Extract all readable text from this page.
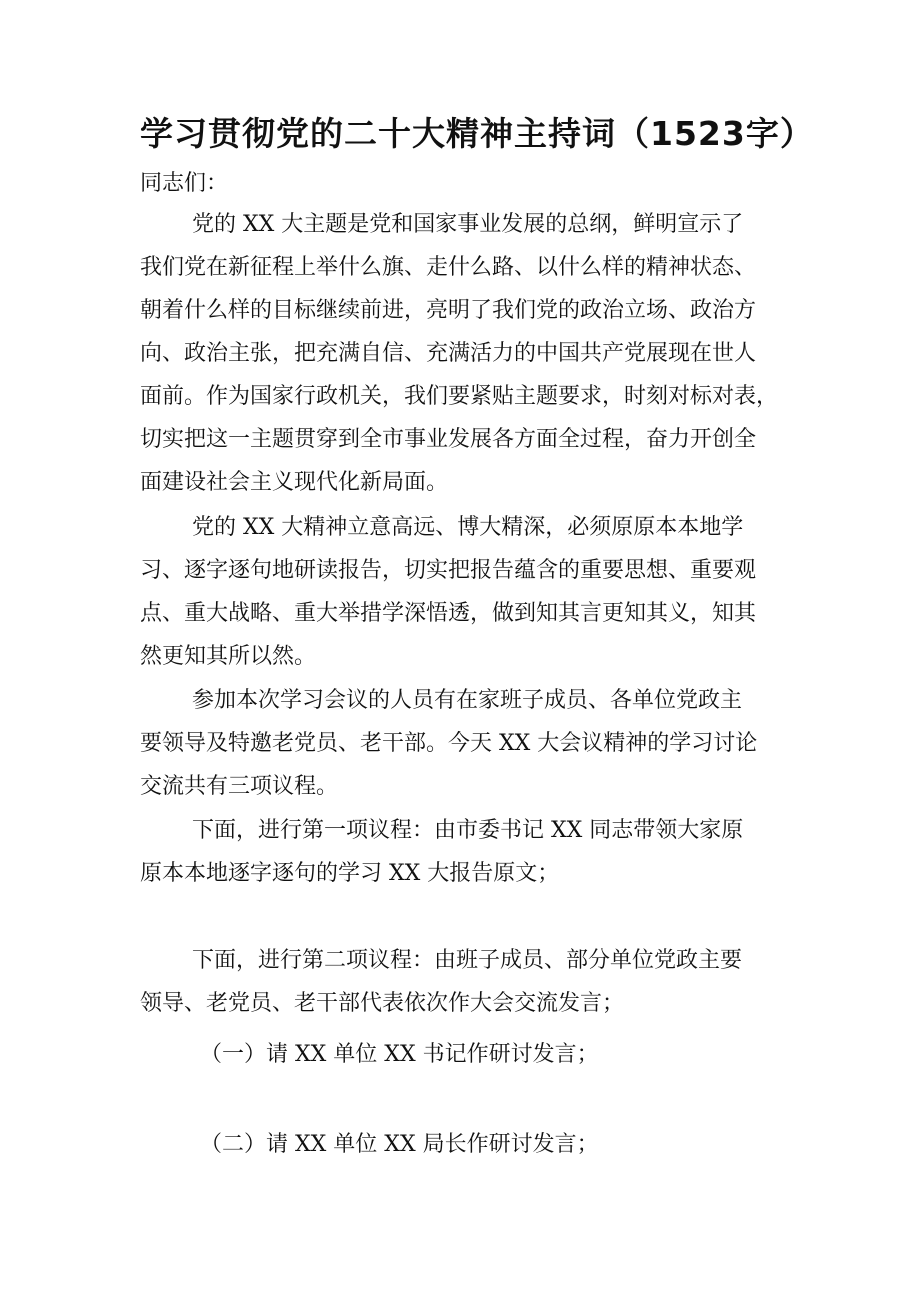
学习贯彻党的二十大精神主持词（1523字）
同志们：
党的 XX 大主题是党和国家事业发展的总纲，鲜明宣示了
我们党在新征程上举什么旗、走什么路、以什么样的精神状态、
朝着什么样的目标继续前进，亮明了我们党的政治立场、政治方
向、政治主张，把充满自信、充满活力的中国共产党展现在世人
面前。作为国家行政机关，我们要紧贴主题要求，时刻对标对表，
切实把这一主题贯穿到全市事业发展各方面全过程，奋力开创全
面建设社会主义现代化新局面。
党的 XX 大精神立意高远、博大精深，必须原原本本地学
习、逐字逐句地研读报告，切实把报告蕴含的重要思想、重要观
点、重大战略、重大举措学深悟透，做到知其言更知其义，知其
然更知其所以然。
参加本次学习会议的人员有在家班子成员、各单位党政主
要领导及特邀老党员、老干部。今天 XX 大会议精神的学习讨论
交流共有三项议程。
下面，进行第一项议程：由市委书记 XX 同志带领大家原
原本本地逐字逐句的学习 XX 大报告原文；
下面，进行第二项议程：由班子成员、部分单位党政主要
领导、老党员、老干部代表依次作大会交流发言；
（一）请 XX 单位 XX 书记作研讨发言；
（二）请 XX 单位 XX 局长作研讨发言；
